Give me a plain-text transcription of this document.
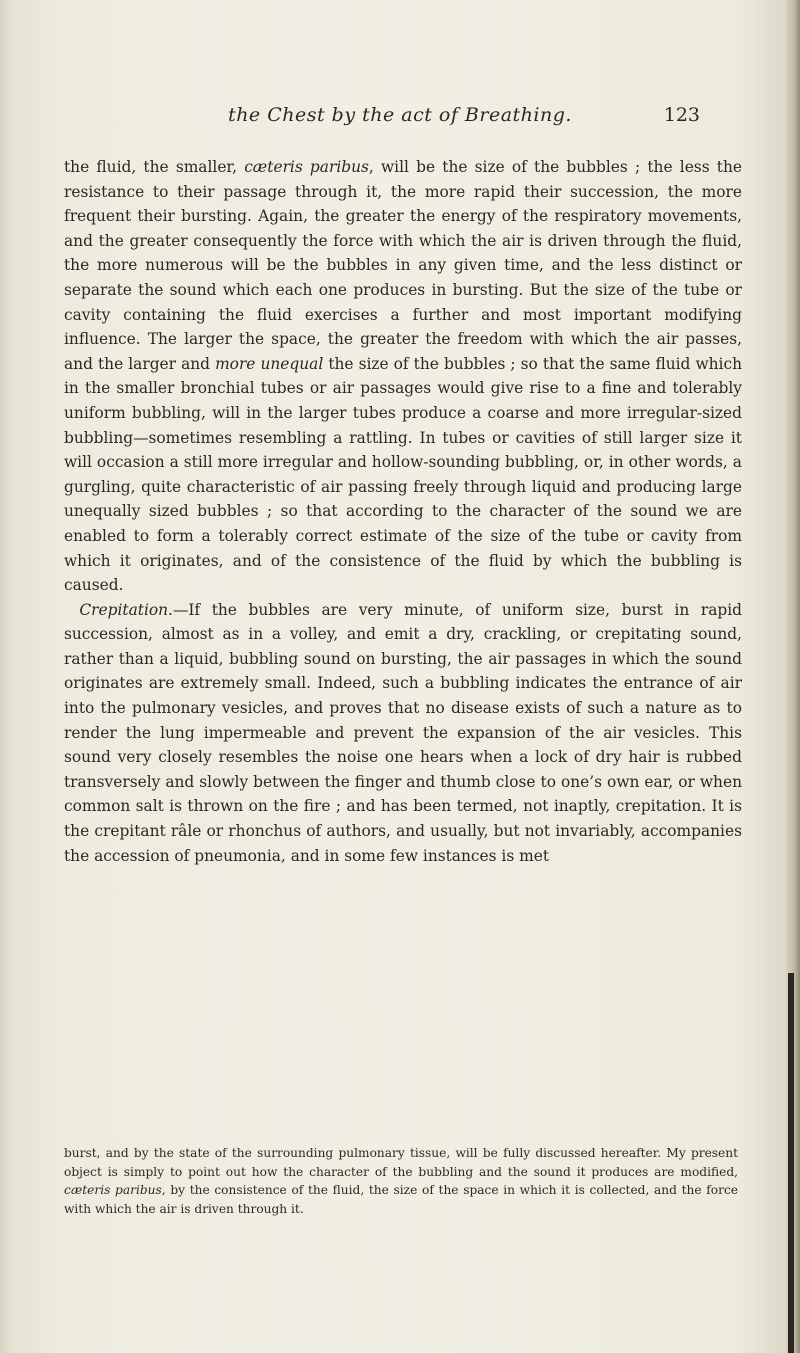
the Chest by the act of Breathing.	123

the fluid, the smaller, cæteris paribus, will be the size of the bubbles ; the less the resistance to their passage through it, the more rapid their succession, the more frequent their bursting. Again, the greater the energy of the respiratory movements, and the greater consequently the force with which the air is driven through the fluid, the more numerous will be the bubbles in any given time, and the less distinct or separate the sound which each one produces in bursting. But the size of the tube or cavity containing the fluid exercises a further and most important modifying influence. The larger the space, the greater the freedom with which the air passes, and the larger and more unequal the size of the bubbles ; so that the same fluid which in the smaller bronchial tubes or air passages would give rise to a fine and tolerably uniform bubbling, will in the larger tubes produce a coarse and more irregular-sized bubbling—sometimes resembling a rattling. In tubes or cavities of still larger size it will occasion a still more irregular and hollow-sounding bubbling, or, in other words, a gurgling, quite characteristic of air passing freely through liquid and producing large unequally sized bubbles ; so that according to the character of the sound we are enabled to form a tolerably correct estimate of the size of the tube or cavity from which it originates, and of the consistence of the fluid by which the bubbling is caused.

 Crepitation.—If the bubbles are very minute, of uniform size, burst in rapid succession, almost as in a volley, and emit a dry, crackling, or crepitating sound, rather than a liquid, bubbling sound on bursting, the air passages in which the sound originates are extremely small. Indeed, such a bubbling indicates the entrance of air into the pulmonary vesicles, and proves that no disease exists of such a nature as to render the lung impermeable and prevent the expansion of the air vesicles. This sound very closely resembles the noise one hears when a lock of dry hair is rubbed transversely and slowly between the finger and thumb close to one’s own ear, or when common salt is thrown on the fire ; and has been termed, not inaptly, crepitation. It is the crepitant râle or rhonchus of authors, and usually, but not invariably, accompanies the accession of pneumonia, and in some few instances is met

burst, and by the state of the surrounding pulmonary tissue, will be fully discussed hereafter. My present object is simply to point out how the character of the bubbling and the sound it produces are modified, cæteris paribus, by the consistence of the fluid, the size of the space in which it is collected, and the force with which the air is driven through it.
